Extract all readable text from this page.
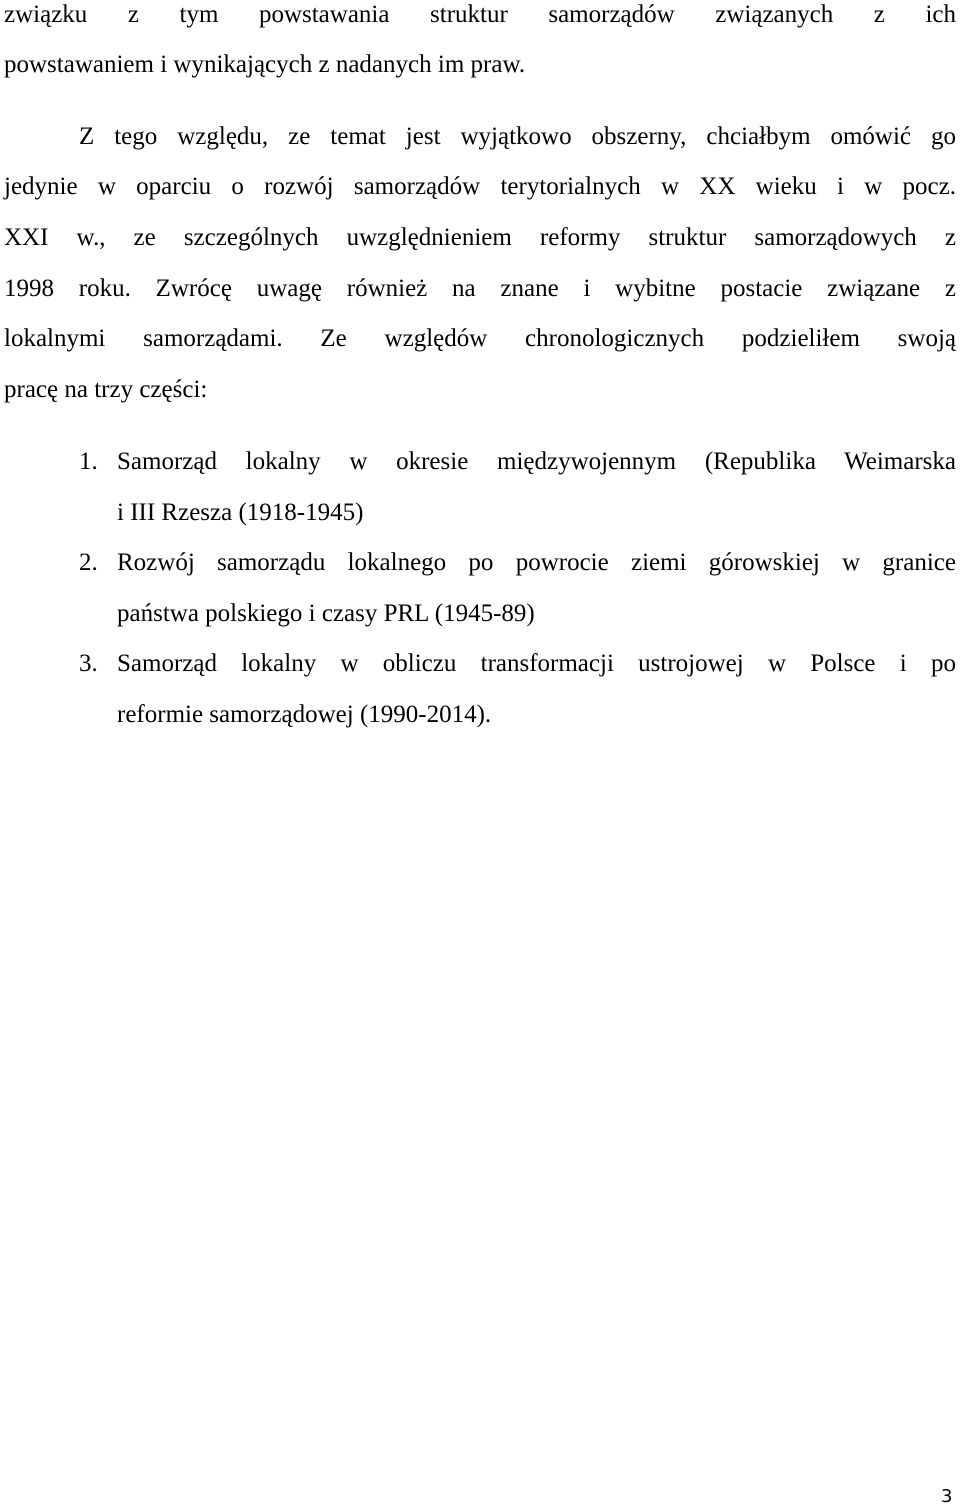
związku z tym powstawania struktur samorządów związanych z ich
powstawaniem i wynikających z nadanych im praw.
Z tego względu, ze temat jest wyjątkowo obszerny, chciałbym omówić go
jedynie w oparciu o rozwój samorządów terytorialnych w XX wieku i w pocz.
XXI w., ze szczególnych uwzględnieniem reformy struktur samorządowych z
1998 roku. Zwrócę uwagę również na znane i wybitne postacie związane z
lokalnymi samorządami. Ze względów chronologicznych podzieliłem swoją
pracę na trzy części:
1. Samorząd lokalny w okresie międzywojennym (Republika Weimarska
i III Rzesza (1918-1945)
2. Rozwój samorządu lokalnego po powrocie ziemi górowskiej w granice
państwa polskiego i czasy PRL (1945-89)
3. Samorząd lokalny w obliczu transformacji ustrojowej w Polsce i po
reformie samorządowej (1990-2014).
3
